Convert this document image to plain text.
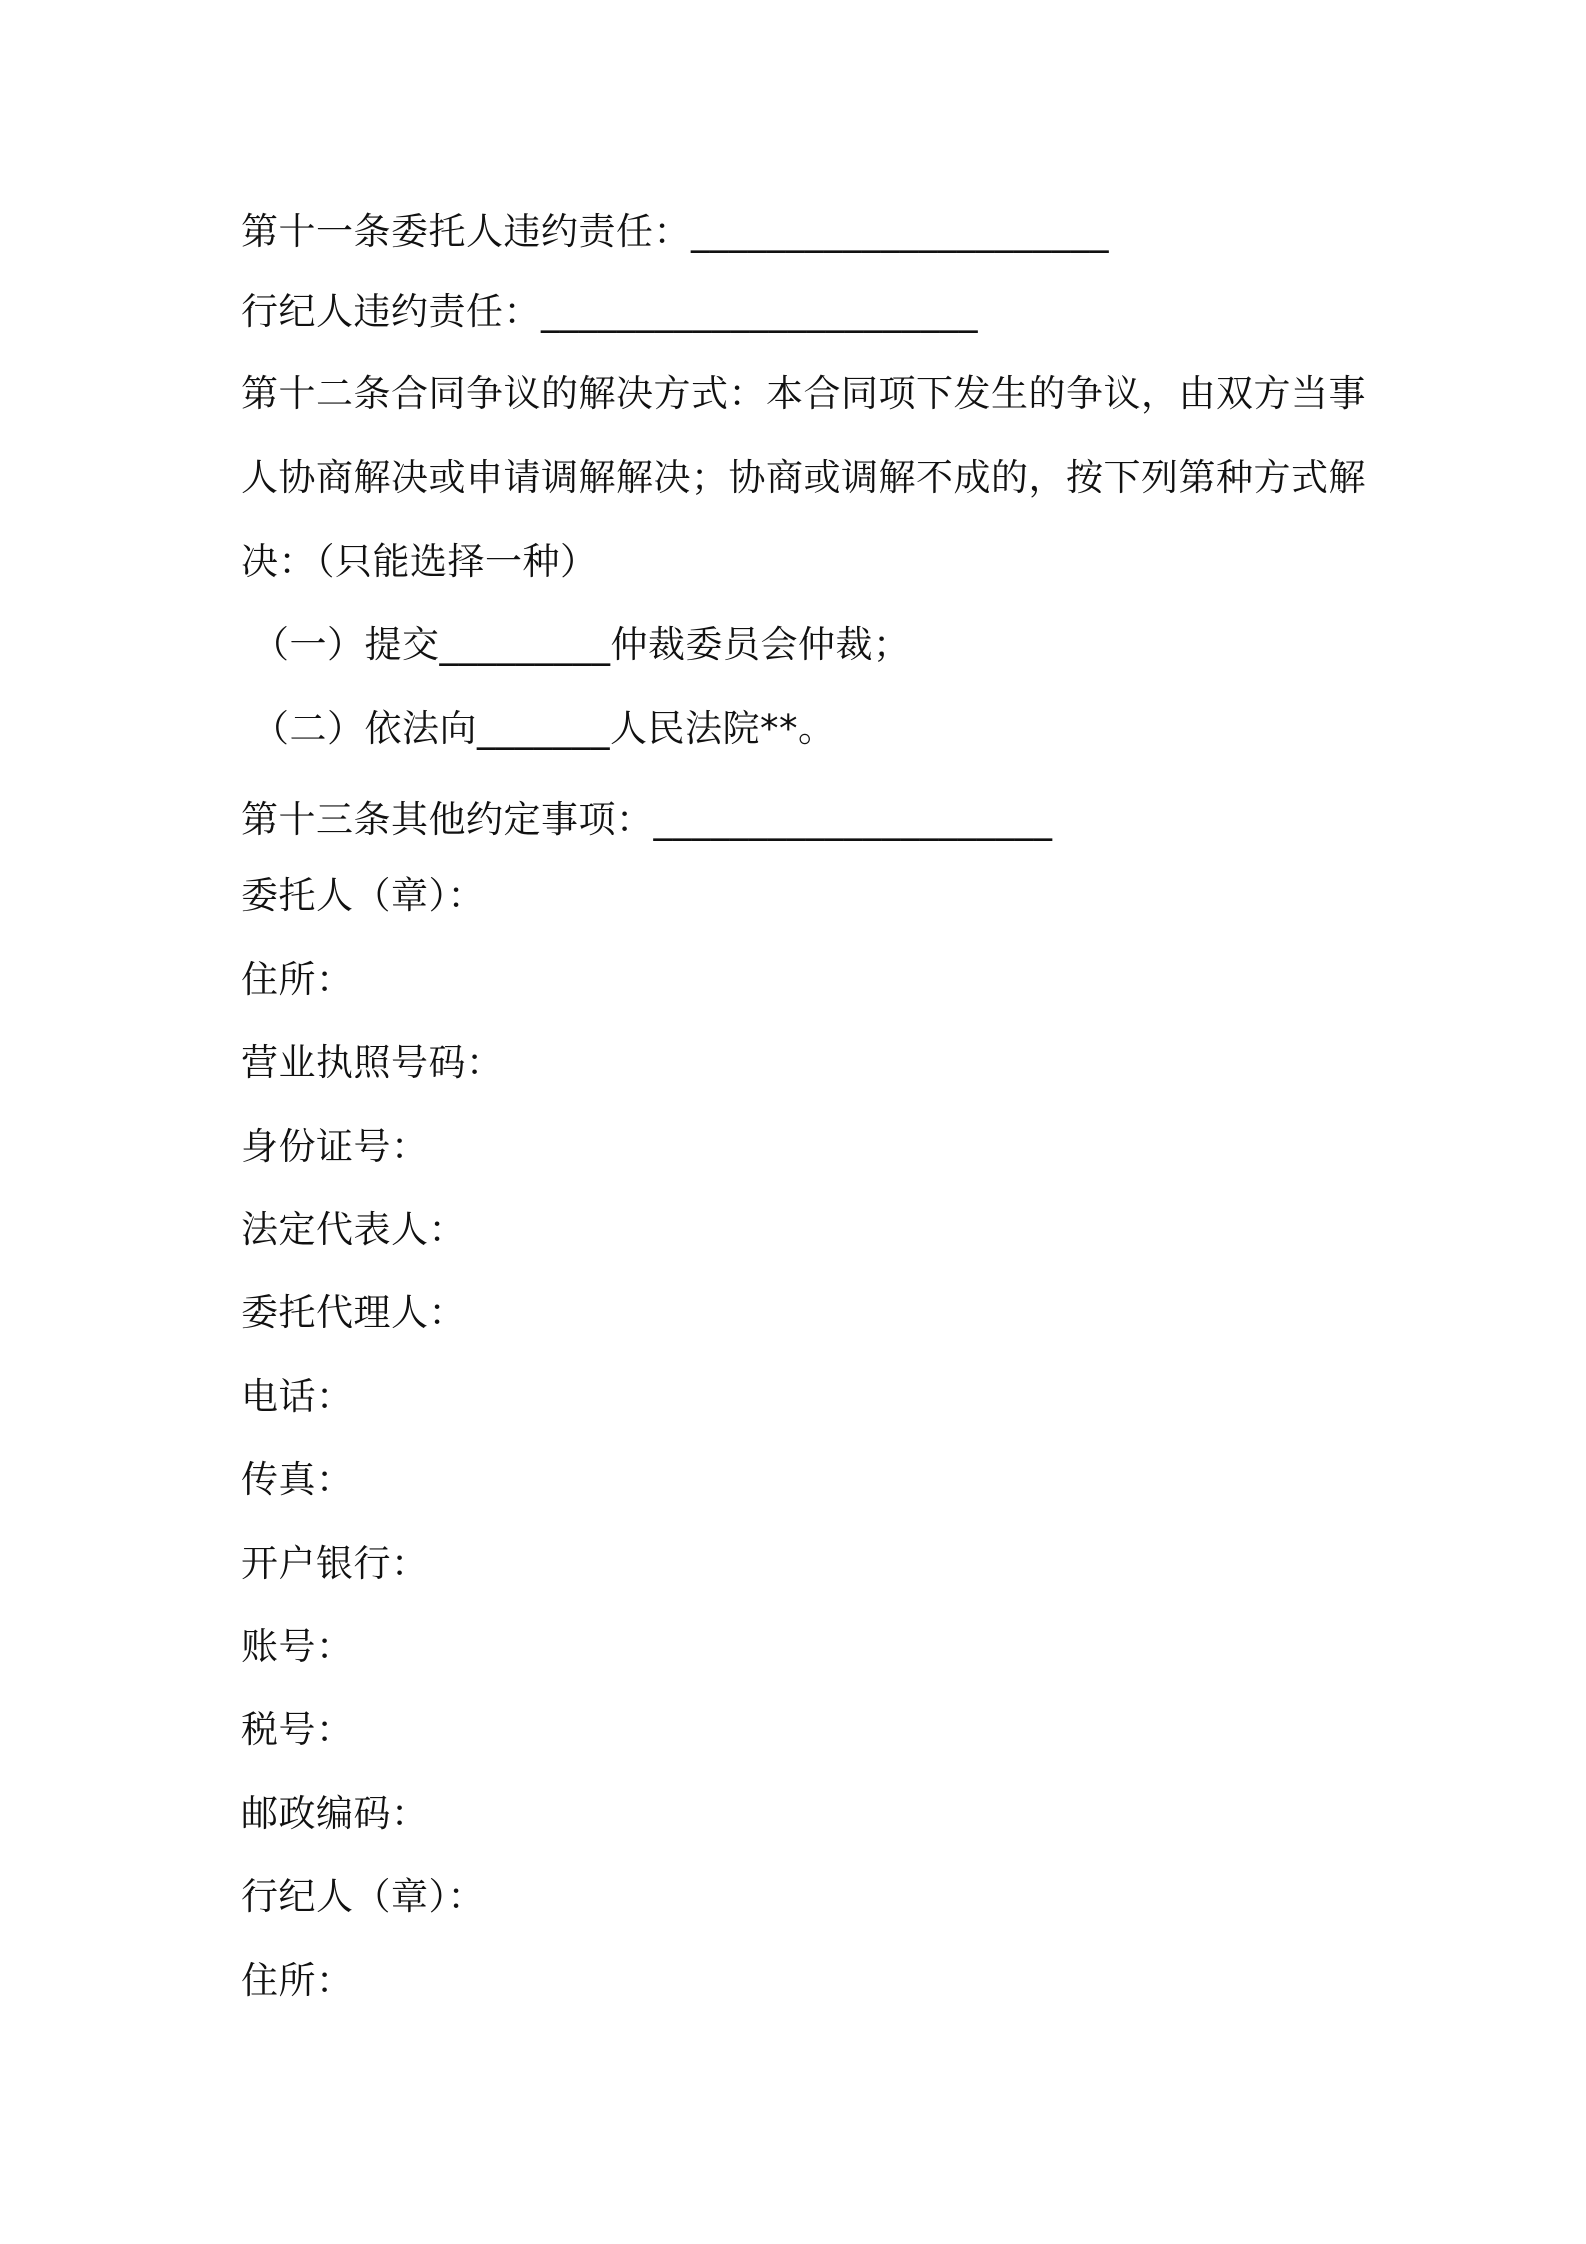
第十一条委托人违约责任：______________________
行纪人违约责任：_______________________
第十二条合同争议的解决方式：本合同项下发生的争议，由双方当事
人协商解决或申请调解解决；协商或调解不成的，按下列第种方式解
决：（只能选择一种）
（一）提交_________仲裁委员会仲裁；
（二）依法向_______人民法院**。
第十三条其他约定事项：_____________________
委托人（章）：
住所：
营业执照号码：
身份证号：
法定代表人：
委托代理人：
电话：
传真：
开户银行：
账号：
税号：
邮政编码：
行纪人（章）：
住所：
